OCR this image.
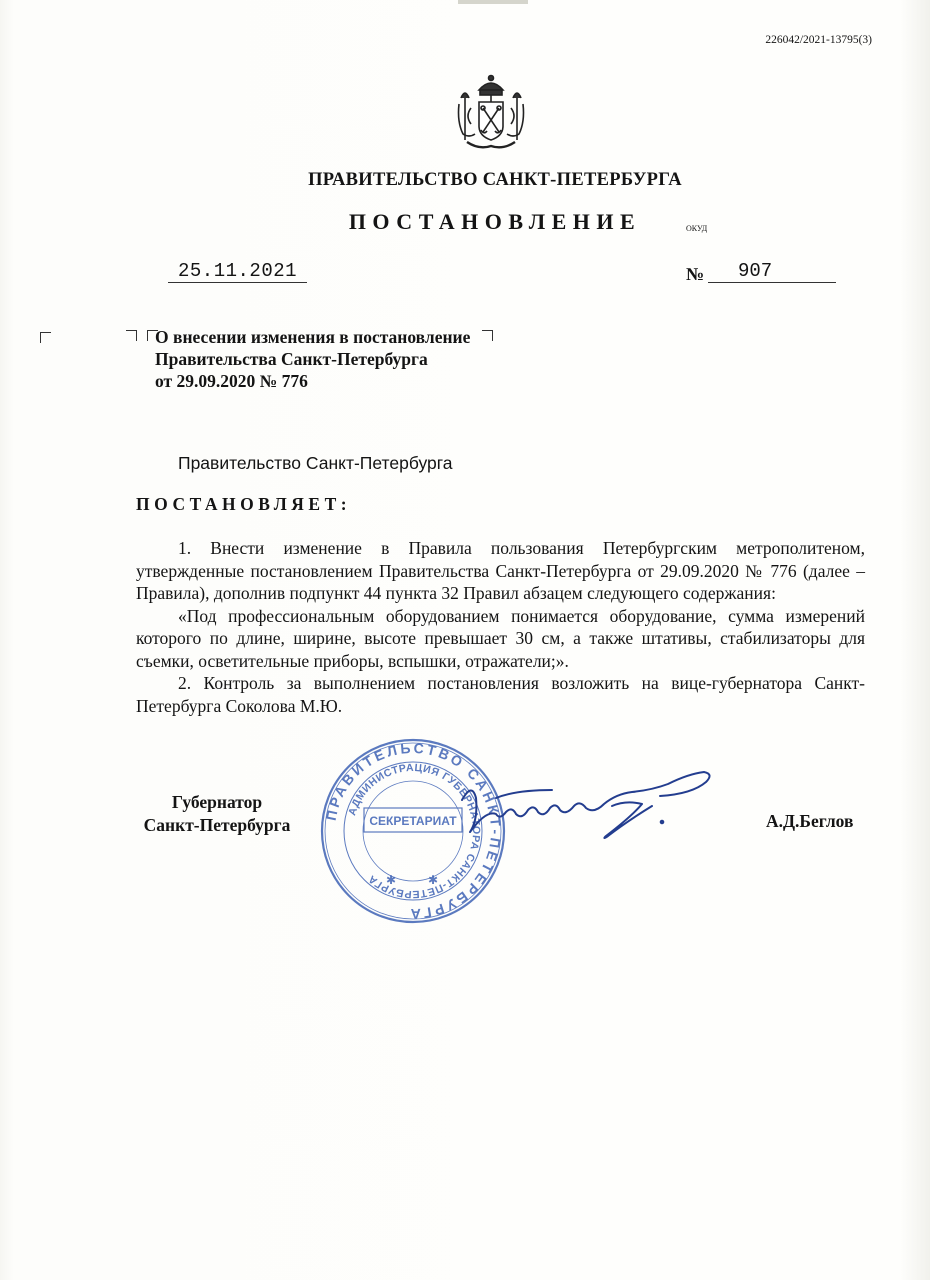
226042/2021-13795(3)
ПРАВИТЕЛЬСТВО САНКТ-ПЕТЕРБУРГА
ПОСТАНОВЛЕНИЕ	ОКУД
25.11.2021	№	907
О внесении изменения в постановление
Правительства Санкт-Петербурга
от 29.09.2020 № 776
Правительство Санкт-Петербурга
ПОСТАНОВЛЯЕТ:

1. Внести изменение в Правила пользования Петербургским метрополитеном, утвержденные постановлением Правительства Санкт-Петербурга от 29.09.2020 № 776 (далее – Правила), дополнив подпункт 44 пункта 32 Правил абзацем следующего содержания:

«Под профессиональным оборудованием понимается оборудование, сумма измерений которого по длине, ширине, высоте превышает 30 см, а также штативы, стабилизаторы для съемки, осветительные приборы, вспышки, отражатели;».

2. Контроль за выполнением постановления возложить на вице-губернатора Санкт-Петербурга Соколова М.Ю.

Губернатор
Санкт-Петербурга
ПРАВИТЕЛЬСТВО САНКТ-ПЕТЕРБУРГА
АДМИНИСТРАЦИЯ ГУБЕРНАТОРА САНКТ-ПЕТЕРБУРГА
СЕКРЕТАРИАТ
✱	✱
А.Д.Беглов
